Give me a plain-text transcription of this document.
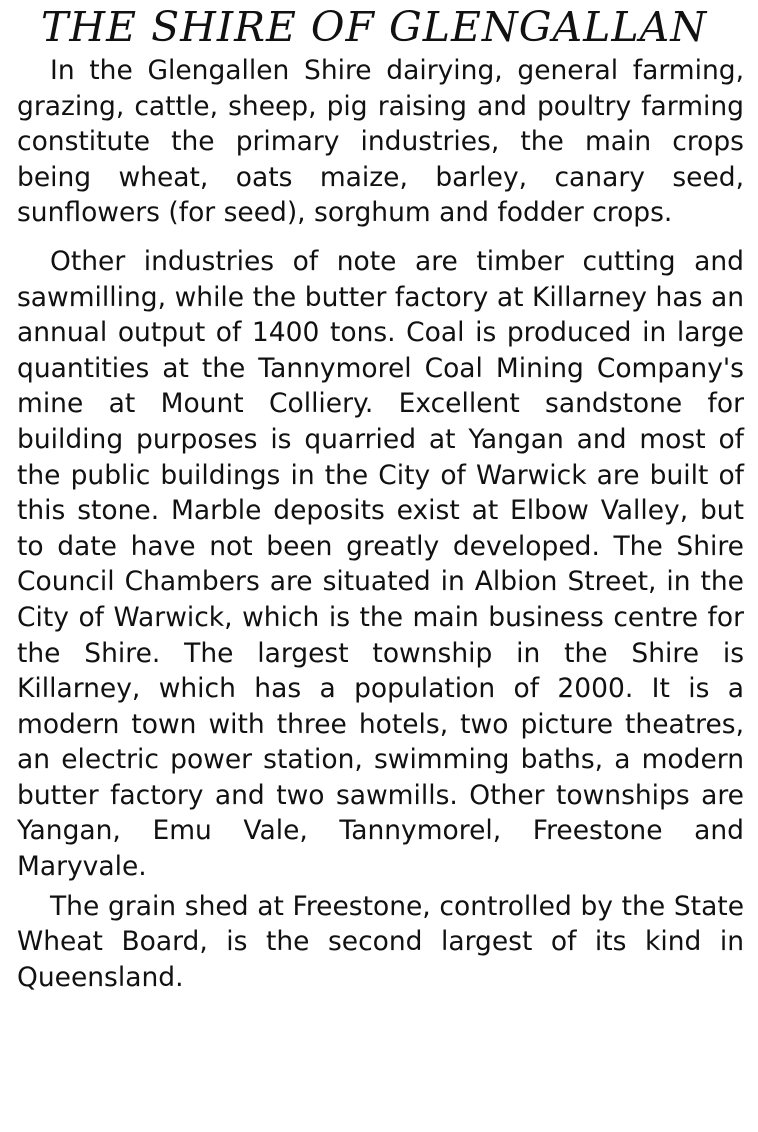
THE SHIRE OF GLENGALLAN

In the Glengallen Shire dairying, general farming, grazing, cattle, sheep, pig raising and poultry farming constitute the primary industries, the main crops being wheat, oats maize, barley, canary seed, sunflowers (for seed), sorghum and fodder crops.

Other industries of note are timber cutting and sawmilling, while the butter factory at Killarney has an annual output of 1400 tons. Coal is produced in large quantities at the Tannymorel Coal Mining Company's mine at Mount Colliery. Excellent sandstone for building purposes is quarried at Yangan and most of the public buildings in the City of Warwick are built of this stone. Marble deposits exist at Elbow Valley, but to date have not been greatly developed. The Shire Council Chambers are situated in Albion Street, in the City of Warwick, which is the main business centre for the Shire. The largest township in the Shire is Killarney, which has a population of 2000. It is a modern town with three hotels, two picture theatres, an electric power station, swimming baths, a modern butter factory and two sawmills. Other townships are Yangan, Emu Vale, Tannymorel, Freestone and Maryvale.

The grain shed at Freestone, controlled by the State Wheat Board, is the second largest of its kind in Queensland.
